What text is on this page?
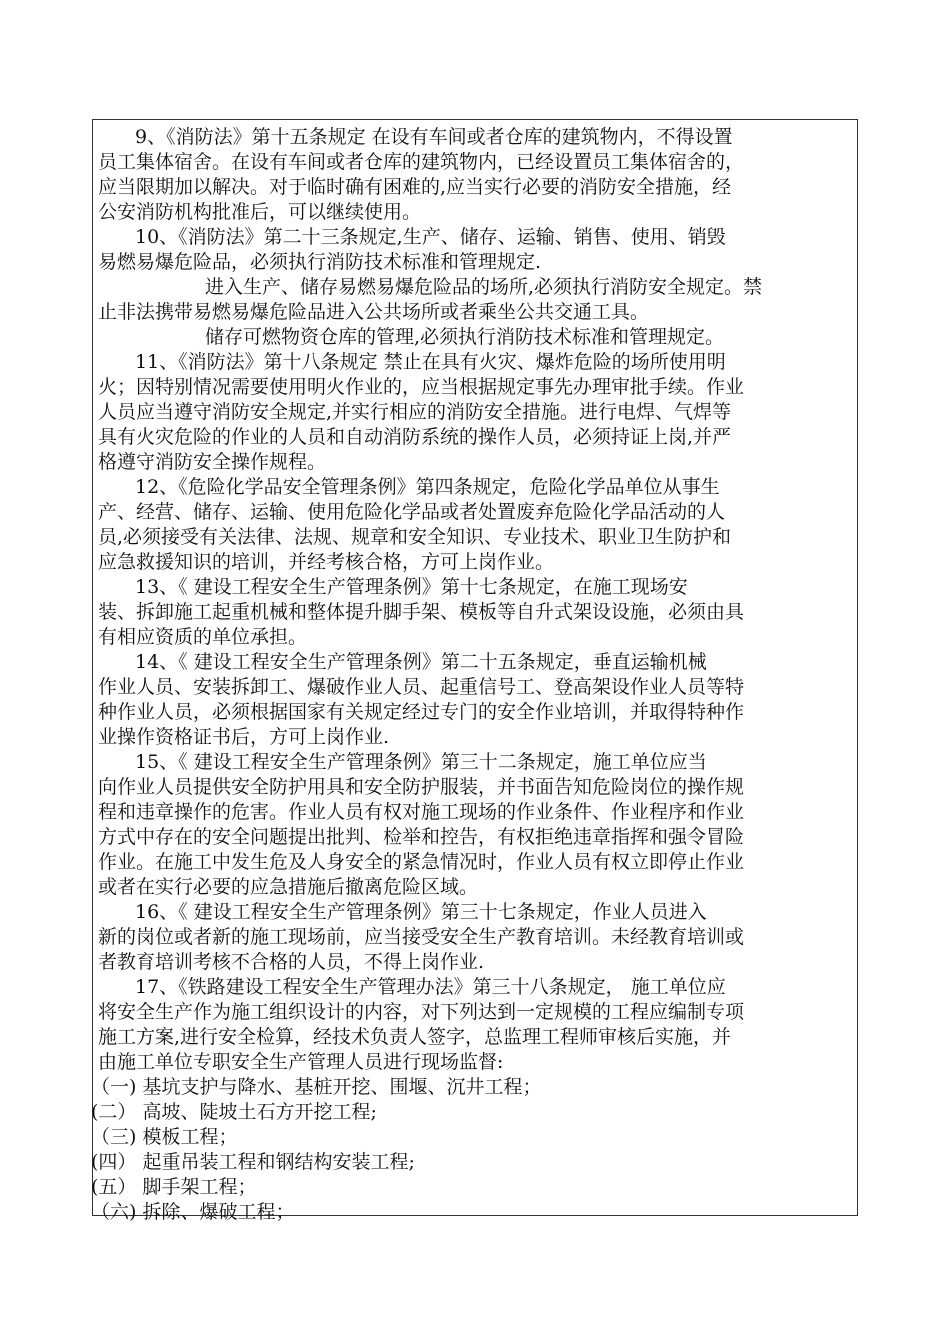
9、《消防法》第十五条规定 在设有车间或者仓库的建筑物内，不得设置
员工集体宿舍。在设有车间或者仓库的建筑物内，已经设置员工集体宿舍的，
应当限期加以解决。对于临时确有困难的,应当实行必要的消防安全措施，经
公安消防机构批准后，可以继续使用。
10、《消防法》第二十三条规定,生产、储存、运输、销售、使用、销毁
易燃易爆危险品，必须执行消防技术标准和管理规定.
进入生产、储存易燃易爆危险品的场所,必须执行消防安全规定。禁
止非法携带易燃易爆危险品进入公共场所或者乘坐公共交通工具。
储存可燃物资仓库的管理,必须执行消防技术标准和管理规定。
11、《消防法》第十八条规定 禁止在具有火灾、爆炸危险的场所使用明
火；因特别情况需要使用明火作业的，应当根据规定事先办理审批手续。作业
人员应当遵守消防安全规定,并实行相应的消防安全措施。进行电焊、气焊等
具有火灾危险的作业的人员和自动消防系统的操作人员，必须持证上岗,并严
格遵守消防安全操作规程。
12、《危险化学品安全管理条例》第四条规定，危险化学品单位从事生
产、经营、储存、运输、使用危险化学品或者处置废弃危险化学品活动的人
员,必须接受有关法律、法规、规章和安全知识、专业技术、职业卫生防护和
应急救援知识的培训，并经考核合格，方可上岗作业。
13、《 建设工程安全生产管理条例》第十七条规定，在施工现场安
装、拆卸施工起重机械和整体提升脚手架、模板等自升式架设设施，必须由具
有相应资质的单位承担。
14、《 建设工程安全生产管理条例》第二十五条规定，垂直运输机械
作业人员、安装拆卸工、爆破作业人员、起重信号工、登高架设作业人员等特
种作业人员，必须根据国家有关规定经过专门的安全作业培训，并取得特种作
业操作资格证书后，方可上岗作业.
15、《 建设工程安全生产管理条例》第三十二条规定，施工单位应当
向作业人员提供安全防护用具和安全防护服装，并书面告知危险岗位的操作规
程和违章操作的危害。作业人员有权对施工现场的作业条件、作业程序和作业
方式中存在的安全问题提出批判、检举和控告，有权拒绝违章指挥和强令冒险
作业。在施工中发生危及人身安全的紧急情况时，作业人员有权立即停止作业
或者在实行必要的应急措施后撤离危险区域。
16、《 建设工程安全生产管理条例》第三十七条规定，作业人员进入
新的岗位或者新的施工现场前，应当接受安全生产教育培训。未经教育培训或
者教育培训考核不合格的人员，不得上岗作业.
17、《铁路建设工程安全生产管理办法》第三十八条规定， 施工单位应
将安全生产作为施工组织设计的内容，对下列达到一定规模的工程应编制专项
施工方案,进行安全检算，经技术负责人签字，总监理工程师审核后实施，并
由施工单位专职安全生产管理人员进行现场监督:
（一) 基坑支护与降水、基桩开挖、围堰、沉井工程；
(二） 高坡、陡坡土石方开挖工程;
（三) 模板工程；
(四） 起重吊装工程和钢结构安装工程;
(五） 脚手架工程；
（六) 拆除、爆破工程；
